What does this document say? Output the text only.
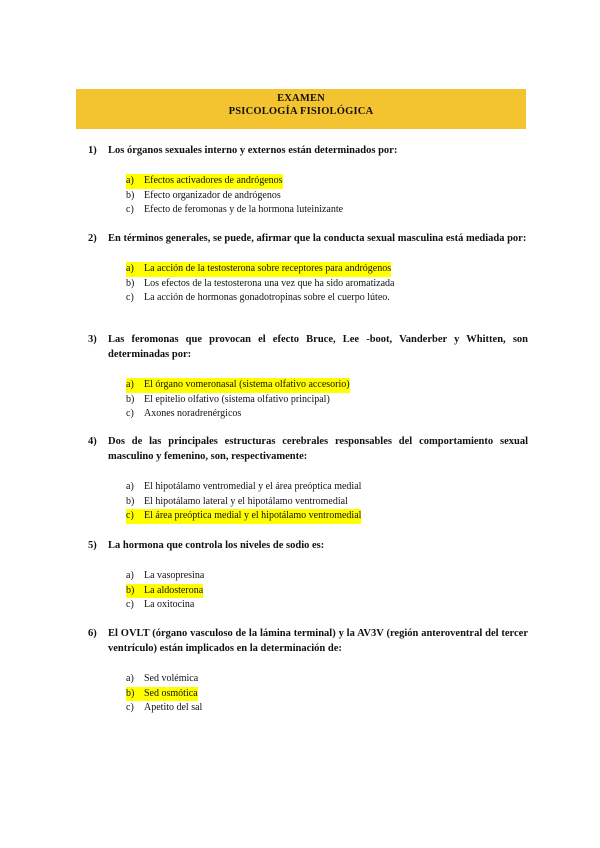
EXAMEN
PSICOLOGÍA FISIOLÓGICA
1)	Los órganos sexuales interno y externos están determinados por:
a)	Efectos activadores de andrógenos
b) Efecto organizador de andrógenos
c)	Efecto de feromonas y de la hormona luteinizante
2)	En términos generales, se puede, afirmar que la conducta sexual masculina está mediada por:
a)	La acción de la testosterona sobre receptores para andrógenos
b) Los efectos de la testosterona una vez que ha sido aromatizada
c)	La acción de hormonas gonadotropinas sobre el cuerpo lúteo.
3)	Las feromonas que provocan el efecto Bruce, Lee -boot, Vanderber y Whitten, son determinadas por:
a)	El órgano vomeronasal (sistema olfativo accesorio)
b) El epitelio olfativo (sistema olfativo principal)
c)	Axones noradrenérgicos
4)	Dos de las principales estructuras cerebrales responsables del comportamiento sexual masculino y femenino, son, respectivamente:
a)	El hipotálamo ventromedial y el área preóptica medial
b) El hipotálamo lateral y el hipotálamo ventromedial
c)	El área preóptica medial y el hipotálamo ventromedial
5)	La hormona que controla los niveles de sodio es:
a)	La vasopresina
b) La aldosterona
c)	La oxitocina
6)	El OVLT (órgano vasculoso de la lámina terminal) y la AV3V (región anteroventral del tercer ventrículo) están implicados en la determinación de:
a)	Sed volémica
b) Sed osmótica
c)	Apetito del sal
